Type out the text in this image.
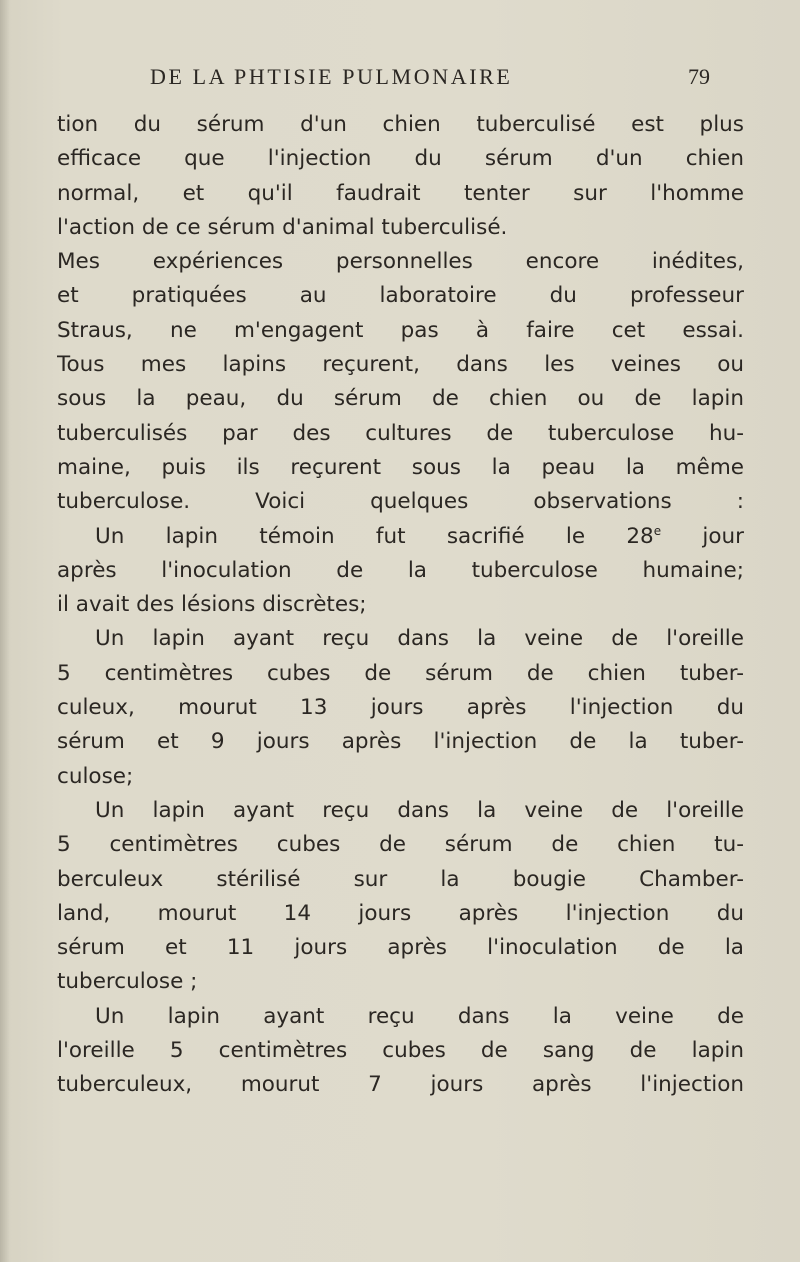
DE LA PHTISIE PULMONAIRE	79
tion du sérum d'un chien tuberculisé est plus
efficace que l'injection du sérum d'un chien
normal, et qu'il faudrait tenter sur l'homme
l'action de ce sérum d'animal tuberculisé.
Mes expériences personnelles encore inédites,
et pratiquées au laboratoire du professeur
Straus, ne m'engagent pas à faire cet essai.
Tous mes lapins reçurent, dans les veines ou
sous la peau, du sérum de chien ou de lapin
tuberculisés par des cultures de tuberculose hu-
maine, puis ils reçurent sous la peau la même
tuberculose. Voici quelques observations :
Un lapin témoin fut sacrifié le 28e jour
après l'inoculation de la tuberculose humaine;
il avait des lésions discrètes;
Un lapin ayant reçu dans la veine de l'oreille
5 centimètres cubes de sérum de chien tuber-
culeux, mourut 13 jours après l'injection du
sérum et 9 jours après l'injection de la tuber-
culose;
Un lapin ayant reçu dans la veine de l'oreille
5 centimètres cubes de sérum de chien tu-
berculeux stérilisé sur la bougie Chamber-
land, mourut 14 jours après l'injection du
sérum et 11 jours après l'inoculation de la
tuberculose ;
Un lapin ayant reçu dans la veine de
l'oreille 5 centimètres cubes de sang de lapin
tuberculeux, mourut 7 jours après l'injection
